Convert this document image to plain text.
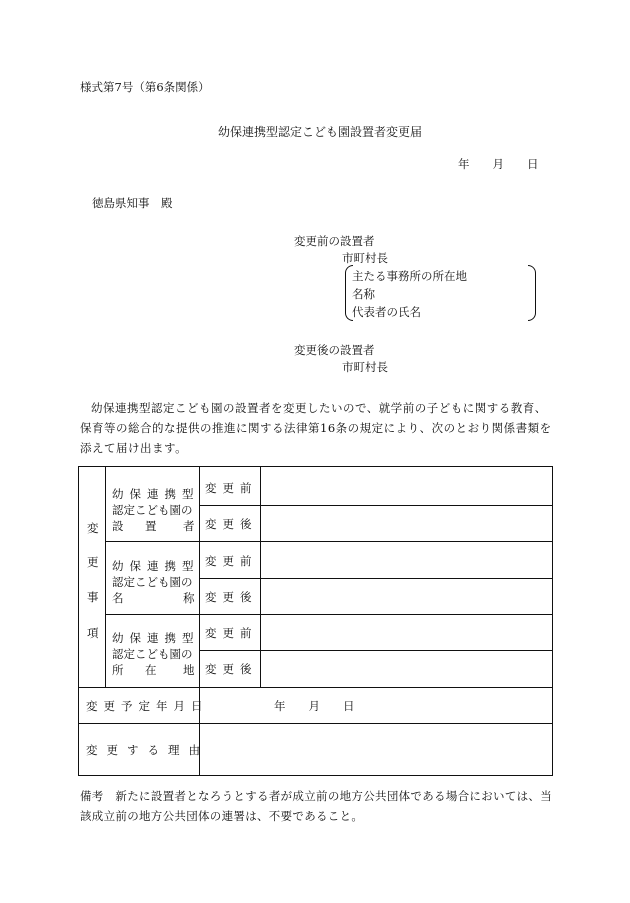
様式第7号（第6条関係）
幼保連携型認定こども園設置者変更届
年　　月　　日
徳島県知事　殿
変更前の設置者
市町村長
主たる事務所の所在地
名称
代表者の氏名
変更後の設置者
市町村長
幼保連携型認定こども園の設置者を変更したいので、就学前の子どもに関する教育、保育等の総合的な提供の推進に関する法律第16条の規定により、次のとおり関係書類を添えて届け出ます。
変
更
事
項
幼保連携型
認定こども園の
設 置 者
幼保連携型
認定こども園の
名	称
幼保連携型
認定こども園の
所 在 地
変更前
変更後
変更前
変更後
変更前
変更後
変更予定年月日	年　　月　　日
変更する理由
備考　 新たに設置者となろうとする者が成立前の地方公共団体である場合においては、当該成立前の地方公共団体の連署は、不要であること。
